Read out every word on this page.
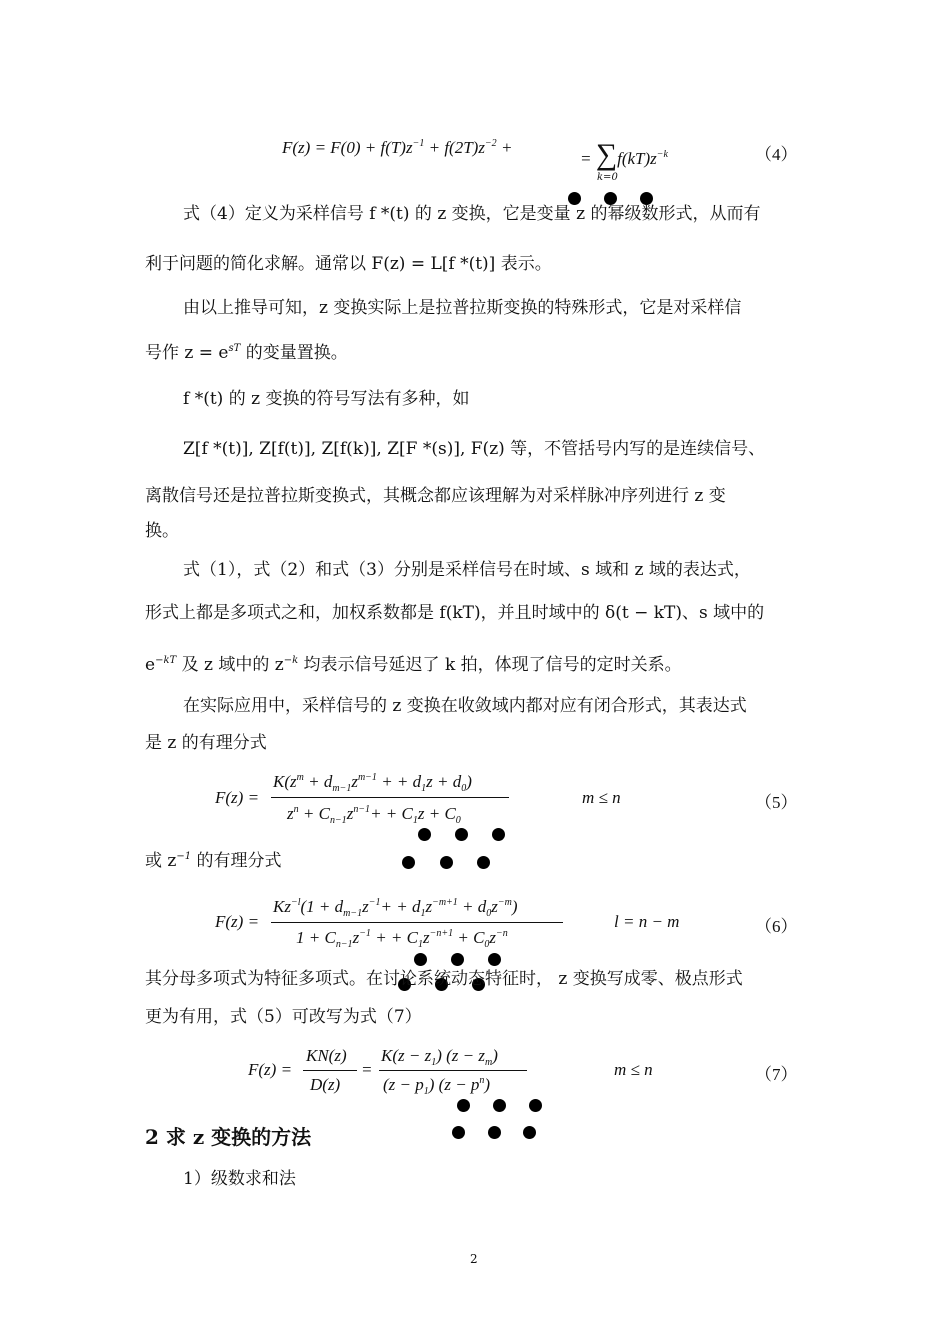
$F(z) = F(0) + f(T)z^{-1} + f(2T)z^{-2}$ +
= $\sum f(kT)z^{-k}$
k=0
（4）
式（4）定义为采样信号 f *(t) 的 z 变换，它是变量 z 的幂级数形式，从而有
利于问题的简化求解。通常以 F(z) = L[f *(t)] 表示。
由以上推导可知，z 变换实际上是拉普拉斯变换的特殊形式，它是对采样信
号作 $z = e^{sT}$ 的变量置换。
f *(t) 的 z 变换的符号写法有多种，如
Z[f *(t)], Z[f(t)], Z[f(k)], Z[F *(s)], F(z) 等，不管括号内写的是连续信号、
离散信号还是拉普拉斯变换式，其概念都应该理解为对采样脉冲序列进行 z 变
换。
式（1），式（2）和式（3）分别是采样信号在时域、s 域和 z 域的表达式，
形式上都是多项式之和，加权系数都是 f(kT)，并且时域中的 δ(t − kT)、s 域中的
$e^{-kT}$ 及 z 域中的 $z^{-k}$ 均表示信号延迟了 k 拍，体现了信号的定时关系。
在实际应用中，采样信号的 z 变换在收敛域内都对应有闭合形式，其表达式
是 z 的有理分式
F(z) =
$K(z^m + d_{m-1}z^{m-1}$ + + $d_1z + d_0$)
$z^n + C_{n-1}z^{n-1}+ + C_1z + C_0$
m ≤ n	（5）
或 $z^{-1}$ 的有理分式
F(z) =
$Kz^{-l}(1 + d_{m-1}z^{-1}+ + d_1z^{-m+1} + d_0z^{-m})$
$1 + C_{n-1}z^{-1}$ + + $C_1z^{-n+1} + C_0z^{-n}$
l = n − m	（6）
其分母多项式为特征多项式。在讨论系统动态特征时， z 变换写成零、极点形式
更为有用，式（5）可改写为式（7）
F(z) =
KN(z)
D(z)
=
$K(z - z_1)$ $(z - z_m)$
$(z - p_1)$ $(z - p^n)$
m ≤ n	（7）
2 求 z 变换的方法
1）级数求和法
2
